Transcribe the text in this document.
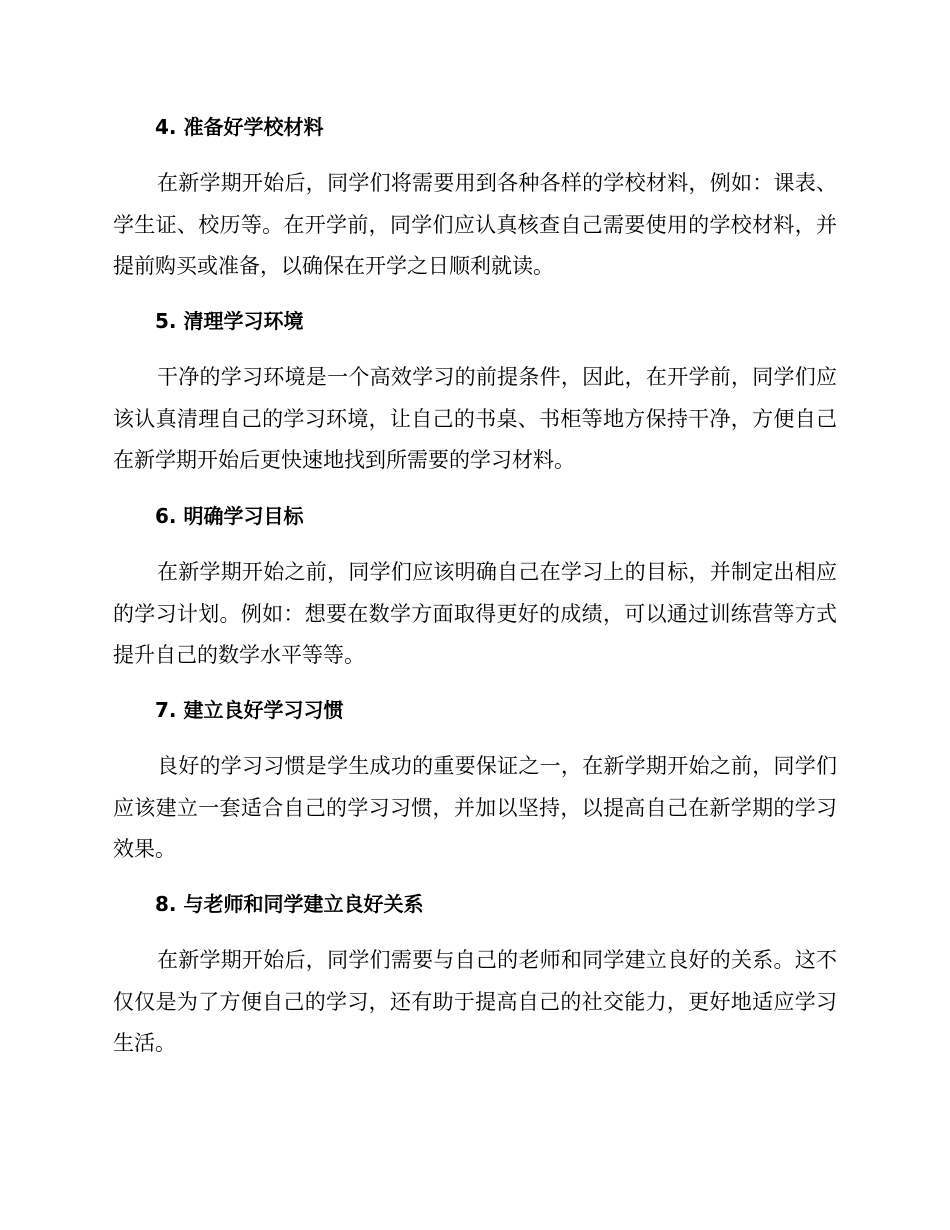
4. 准备好学校材料

在新学期开始后，同学们将需要用到各种各样的学校材料，例如：课表、学生证、校历等。在开学前，同学们应认真核查自己需要使用的学校材料，并提前购买或准备，以确保在开学之日顺利就读。

5. 清理学习环境

干净的学习环境是一个高效学习的前提条件，因此，在开学前，同学们应该认真清理自己的学习环境，让自己的书桌、书柜等地方保持干净，方便自己在新学期开始后更快速地找到所需要的学习材料。

6. 明确学习目标

在新学期开始之前，同学们应该明确自己在学习上的目标，并制定出相应的学习计划。例如：想要在数学方面取得更好的成绩，可以通过训练营等方式提升自己的数学水平等等。

7. 建立良好学习习惯

良好的学习习惯是学生成功的重要保证之一，在新学期开始之前，同学们应该建立一套适合自己的学习习惯，并加以坚持，以提高自己在新学期的学习效果。

8. 与老师和同学建立良好关系

在新学期开始后，同学们需要与自己的老师和同学建立良好的关系。这不仅仅是为了方便自己的学习，还有助于提高自己的社交能力，更好地适应学习生活。
